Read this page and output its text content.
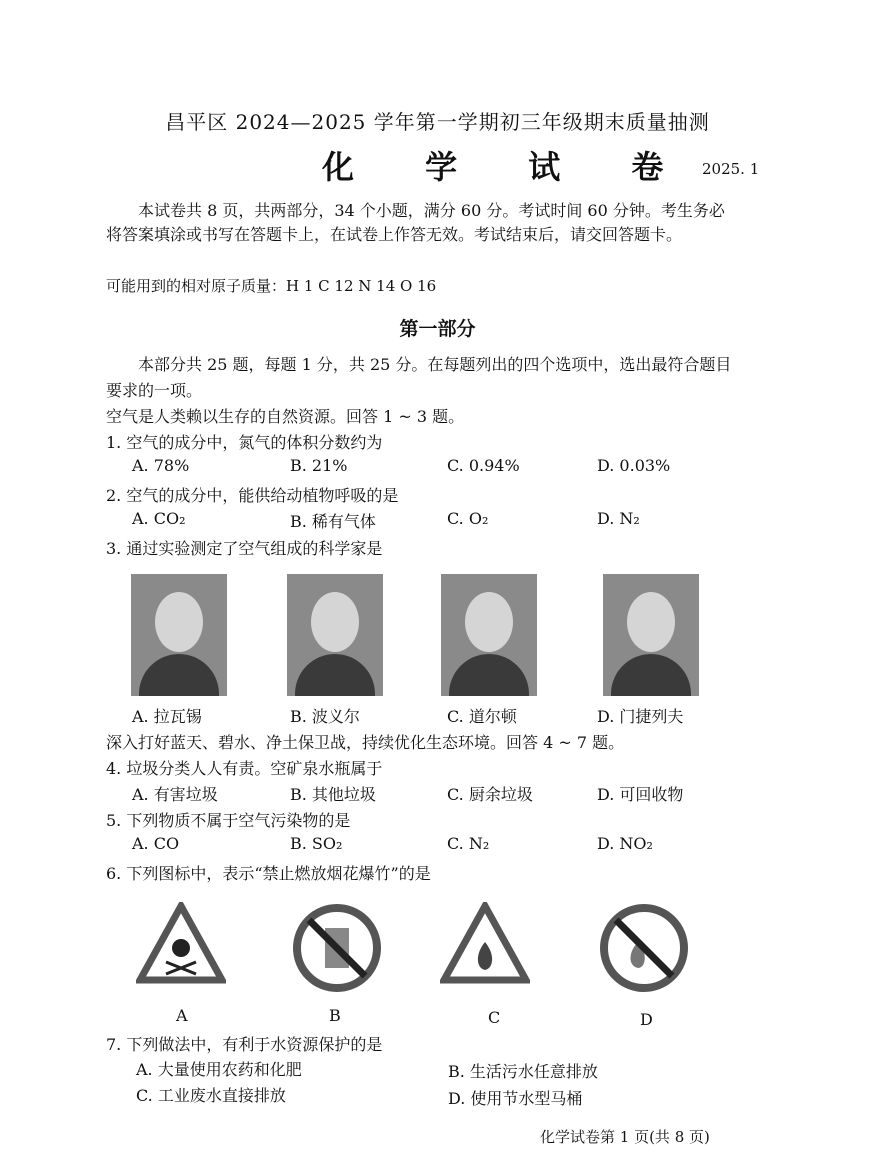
昌平区 2024—2025 学年第一学期初三年级期末质量抽测
化 学 试 卷 2025. 1
本试卷共 8 页，共两部分，34 个小题，满分 60 分。考试时间 60 分钟。考生务必
将答案填涂或书写在答题卡上，在试卷上作答无效。考试结束后，请交回答题卡。
可能用到的相对原子质量：H 1 C 12 N 14 O 16
第一部分
本部分共 25 题，每题 1 分，共 25 分。在每题列出的四个选项中，选出最符合题目
要求的一项。
空气是人类赖以生存的自然资源。回答 1 ~ 3 题。
1. 空气的成分中，氮气的体积分数约为
A. 78%	B. 21%	C. 0.94%	D. 0.03%
2. 空气的成分中，能供给动植物呼吸的是
A. CO₂	B. 稀有气体	C. O₂	D. N₂
3. 通过实验测定了空气组成的科学家是
A. 拉瓦锡	B. 波义尔	C. 道尔顿	D. 门捷列夫
深入打好蓝天、碧水、净土保卫战，持续优化生态环境。回答 4 ~ 7 题。
4. 垃圾分类人人有责。空矿泉水瓶属于
A. 有害垃圾	B. 其他垃圾	C. 厨余垃圾	D. 可回收物
5. 下列物质不属于空气污染物的是
A. CO	B. SO₂	C. N₂	D. NO₂
6. 下列图标中，表示“禁止燃放烟花爆竹”的是
A	B	C	D
7. 下列做法中，有利于水资源保护的是
A. 大量使用农药和化肥	B. 生活污水任意排放
C. 工业废水直接排放	D. 使用节水型马桶
化学试卷第 1 页(共 8 页)
